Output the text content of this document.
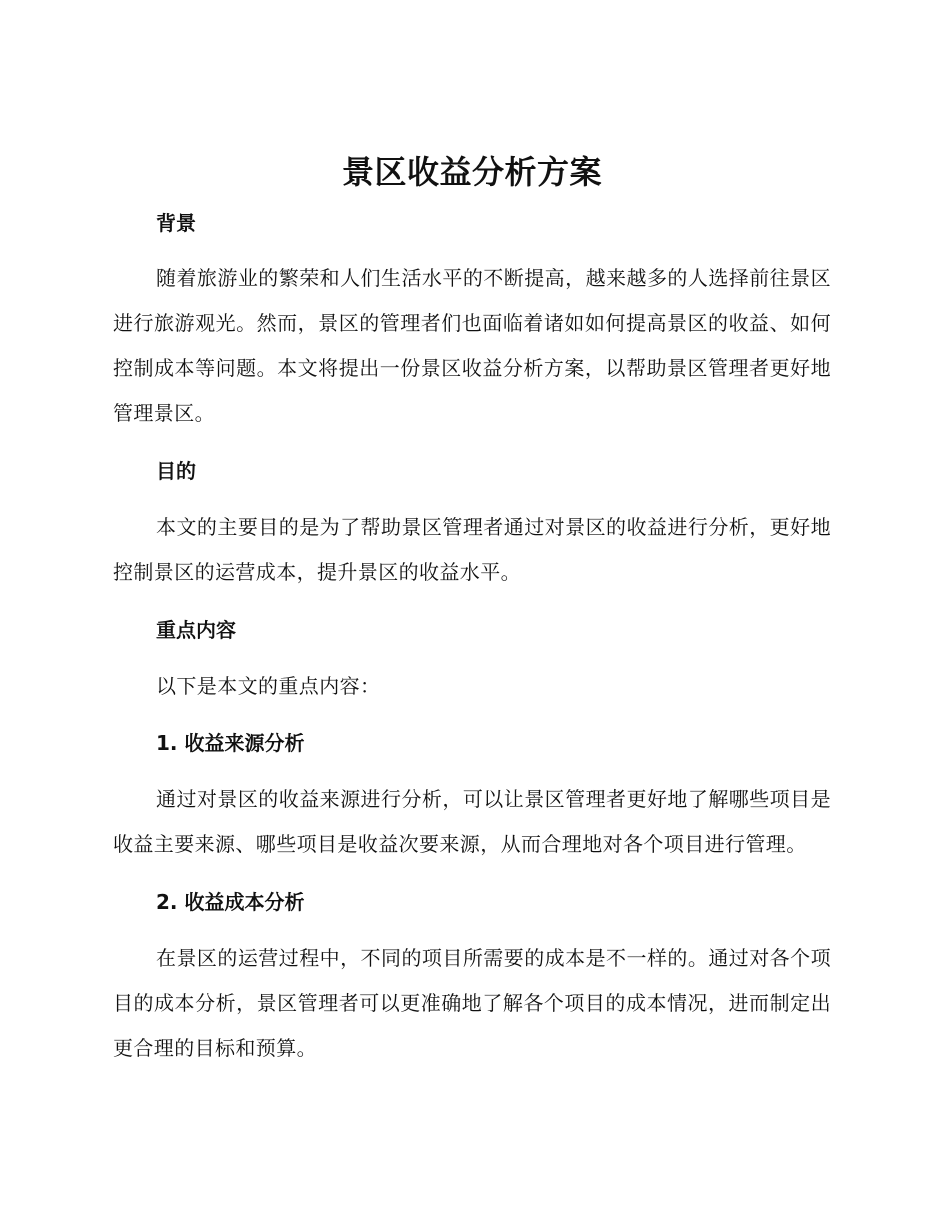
景区收益分析方案
背景

随着旅游业的繁荣和人们生活水平的不断提高，越来越多的人选择前往景区进行旅游观光。然而，景区的管理者们也面临着诸如如何提高景区的收益、如何控制成本等问题。本文将提出一份景区收益分析方案，以帮助景区管理者更好地管理景区。

目的

本文的主要目的是为了帮助景区管理者通过对景区的收益进行分析，更好地控制景区的运营成本，提升景区的收益水平。

重点内容

以下是本文的重点内容：

1. 收益来源分析

通过对景区的收益来源进行分析，可以让景区管理者更好地了解哪些项目是收益主要来源、哪些项目是收益次要来源，从而合理地对各个项目进行管理。

2. 收益成本分析

在景区的运营过程中，不同的项目所需要的成本是不一样的。通过对各个项目的成本分析，景区管理者可以更准确地了解各个项目的成本情况，进而制定出更合理的目标和预算。
